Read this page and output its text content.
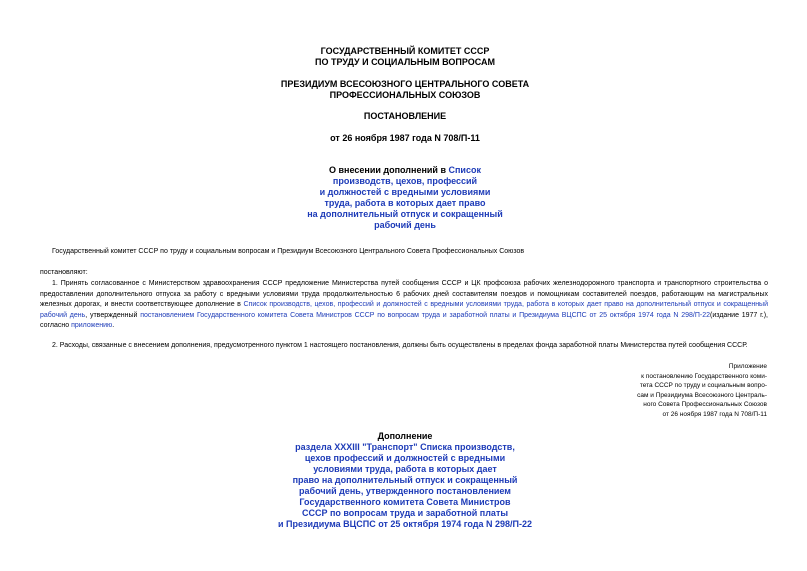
ГОСУДАРСТВЕННЫЙ КОМИТЕТ СССР
ПО ТРУДУ И СОЦИАЛЬНЫМ ВОПРОСАМ
ПРЕЗИДИУМ ВСЕСОЮЗНОГО ЦЕНТРАЛЬНОГО СОВЕТА
ПРОФЕССИОНАЛЬНЫХ СОЮЗОВ
ПОСТАНОВЛЕНИЕ
от 26 ноября 1987 года N 708/П-11
О внесении дополнений в Список
производств, цехов, профессий
и должностей с вредными условиями
труда, работа в которых дает право
на дополнительный отпуск и сокращенный
рабочий день
Государственный комитет СССР по труду и социальным вопросам и Президиум Всесоюзного Центрального Совета Профессиональных Союзов
постановляют:
1. Принять согласованное с Министерством здравоохранения СССР предложение Министерства путей сообщения СССР и ЦК профсоюза рабочих железнодорожного транспорта и транспортного строительства о предоставлении дополнительного отпуска за работу с вредными условиями труда продолжительностью 6 рабочих дней составителям поездов и помощникам составителей поездов, работающим на магистральных железных дорогах, и внести соответствующее дополнение в Список производств, цехов, профессий и должностей с вредными условиями труда, работа в которых дает право на дополнительный отпуск и сокращенный рабочий день, утвержденный постановлением Государственного комитета Совета Министров СССР по вопросам труда и заработной платы и Президиума ВЦСПС от 25 октября 1974 года N 298/П-22(издание 1977 г.), согласно приложению.
2. Расходы, связанные с внесением дополнения, предусмотренного пунктом 1 настоящего постановления, должны быть осуществлены в пределах фонда заработной платы Министерства путей сообщения СССР.
Приложение
к постановлению Государственного коми-
тета СССР по труду и социальным вопро-
сам и Президиума Всесоюзного Централь-
ного Совета Профессиональных Союзов
от 26 ноября 1987 года N 708/П-11
Дополнение
раздела XXXIII "Транспорт" Списка производств,
цехов профессий и должностей с вредными
условиями труда, работа в которых дает
право на дополнительный отпуск и сокращенный
рабочий день, утвержденного постановлением
Государственного комитета Совета Министров
СССР по вопросам труда и заработной платы
и Президиума ВЦСПС от 25 октября 1974 года N 298/П-22
